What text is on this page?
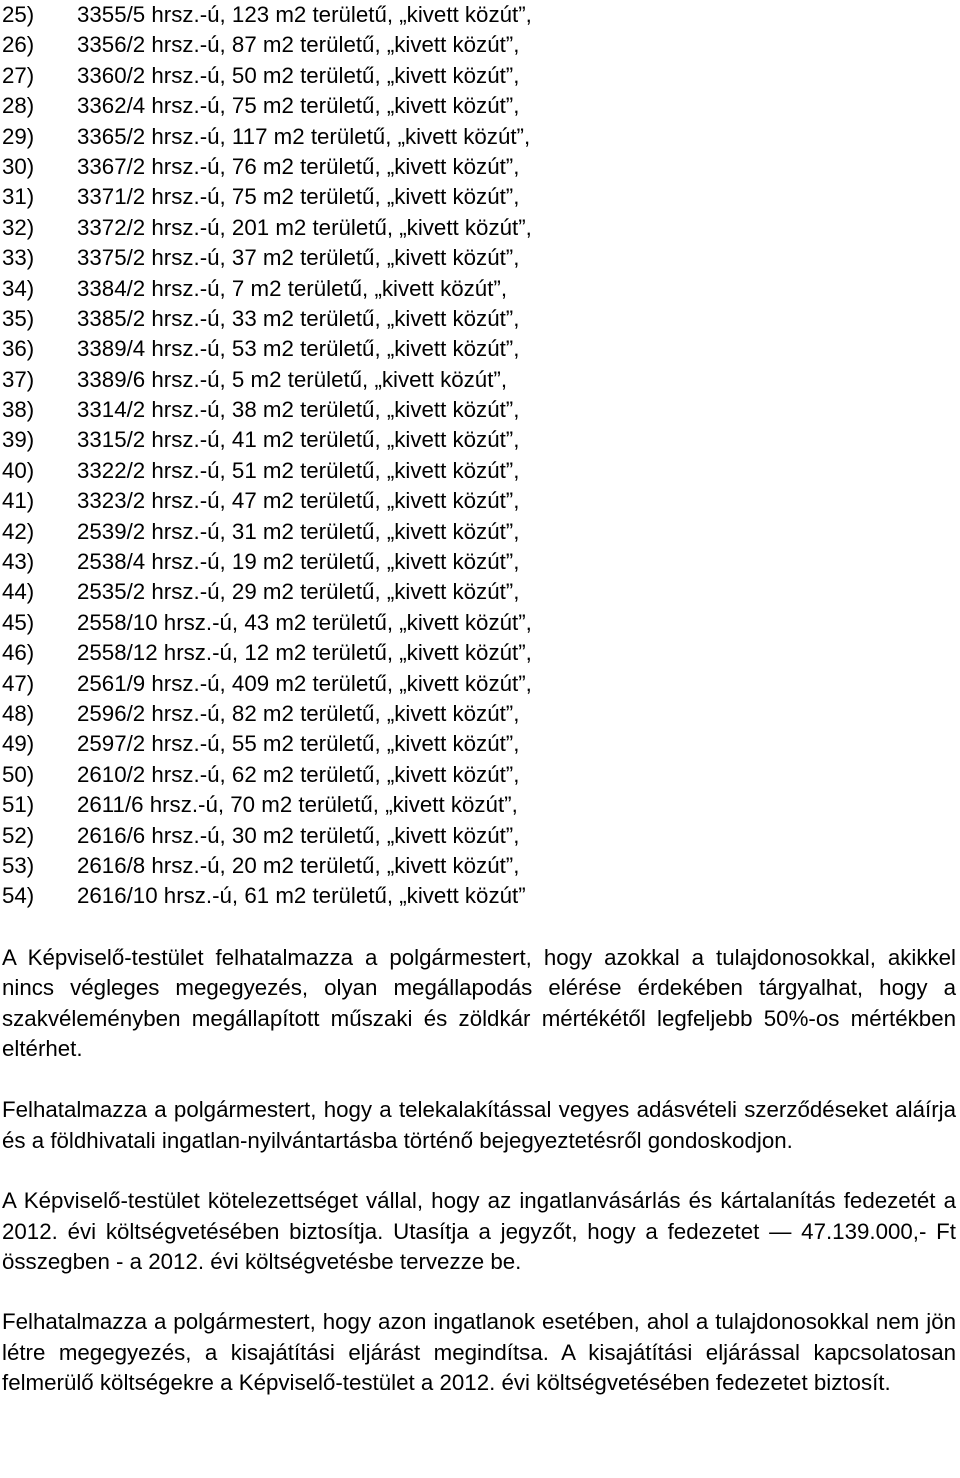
25)	3355/5 hrsz.-ú, 123 m2 területű, „kivett közút”,
26)	3356/2 hrsz.-ú, 87 m2 területű, „kivett közút”,
27)	3360/2 hrsz.-ú, 50 m2 területű, „kivett közút”,
28)	3362/4 hrsz.-ú, 75 m2 területű, „kivett közút”,
29)	3365/2 hrsz.-ú, 117 m2 területű, „kivett közút”,
30)	3367/2 hrsz.-ú, 76 m2 területű, „kivett közút”,
31)	3371/2 hrsz.-ú, 75 m2 területű, „kivett közút”,
32)	3372/2 hrsz.-ú, 201 m2 területű, „kivett közút”,
33)	3375/2 hrsz.-ú, 37 m2 területű, „kivett közút”,
34)	3384/2 hrsz.-ú, 7 m2 területű, „kivett közút”,
35)	3385/2 hrsz.-ú, 33 m2 területű, „kivett közút”,
36)	3389/4 hrsz.-ú, 53 m2 területű, „kivett közút”,
37)	3389/6 hrsz.-ú, 5 m2 területű, „kivett közút”,
38)	3314/2 hrsz.-ú, 38 m2 területű, „kivett közút”,
39)	3315/2 hrsz.-ú, 41 m2 területű, „kivett közút”,
40)	3322/2 hrsz.-ú, 51 m2 területű, „kivett közút”,
41)	3323/2 hrsz.-ú, 47 m2 területű, „kivett közút”,
42)	2539/2 hrsz.-ú, 31 m2 területű, „kivett közút”,
43)	2538/4 hrsz.-ú, 19 m2 területű, „kivett közút”,
44)	2535/2 hrsz.-ú, 29 m2 területű, „kivett közút”,
45)	2558/10 hrsz.-ú, 43 m2 területű, „kivett közút”,
46)	2558/12 hrsz.-ú, 12 m2 területű, „kivett közút”,
47)	2561/9 hrsz.-ú, 409 m2 területű, „kivett közút”,
48)	2596/2 hrsz.-ú, 82 m2 területű, „kivett közút”,
49)	2597/2 hrsz.-ú, 55 m2 területű, „kivett közút”,
50)	2610/2 hrsz.-ú, 62 m2 területű, „kivett közút”,
51)	2611/6 hrsz.-ú, 70 m2 területű, „kivett közút”,
52)	2616/6 hrsz.-ú, 30 m2 területű, „kivett közút”,
53)	2616/8 hrsz.-ú, 20 m2 területű, „kivett közút”,
54)	2616/10 hrsz.-ú, 61 m2 területű, „kivett közút”

A Képviselő-testület felhatalmazza a polgármestert, hogy azokkal a tulajdonosokkal, akikkel nincs végleges megegyezés, olyan megállapodás elérése érdekében tárgyalhat, hogy a szakvéleményben megállapított műszaki és zöldkár mértékétől legfeljebb 50%-os mértékben eltérhet.

Felhatalmazza a polgármestert, hogy a telekalakítással vegyes adásvételi szerződéseket aláírja és a földhivatali ingatlan-nyilvántartásba történő bejegyeztetésről gondoskodjon.

A Képviselő-testület kötelezettséget vállal, hogy az ingatlanvásárlás és kártalanítás fedezetét a 2012. évi költségvetésében biztosítja. Utasítja a jegyzőt, hogy a fedezetet — 47.139.000,- Ft összegben - a 2012. évi költségvetésbe tervezze be.

Felhatalmazza a polgármestert, hogy azon ingatlanok esetében, ahol a tulajdonosokkal nem jön létre megegyezés, a kisajátítási eljárást megindítsa. A kisajátítási eljárással kapcsolatosan felmerülő költségekre a Képviselő-testület a 2012. évi költségvetésében fedezetet biztosít.
